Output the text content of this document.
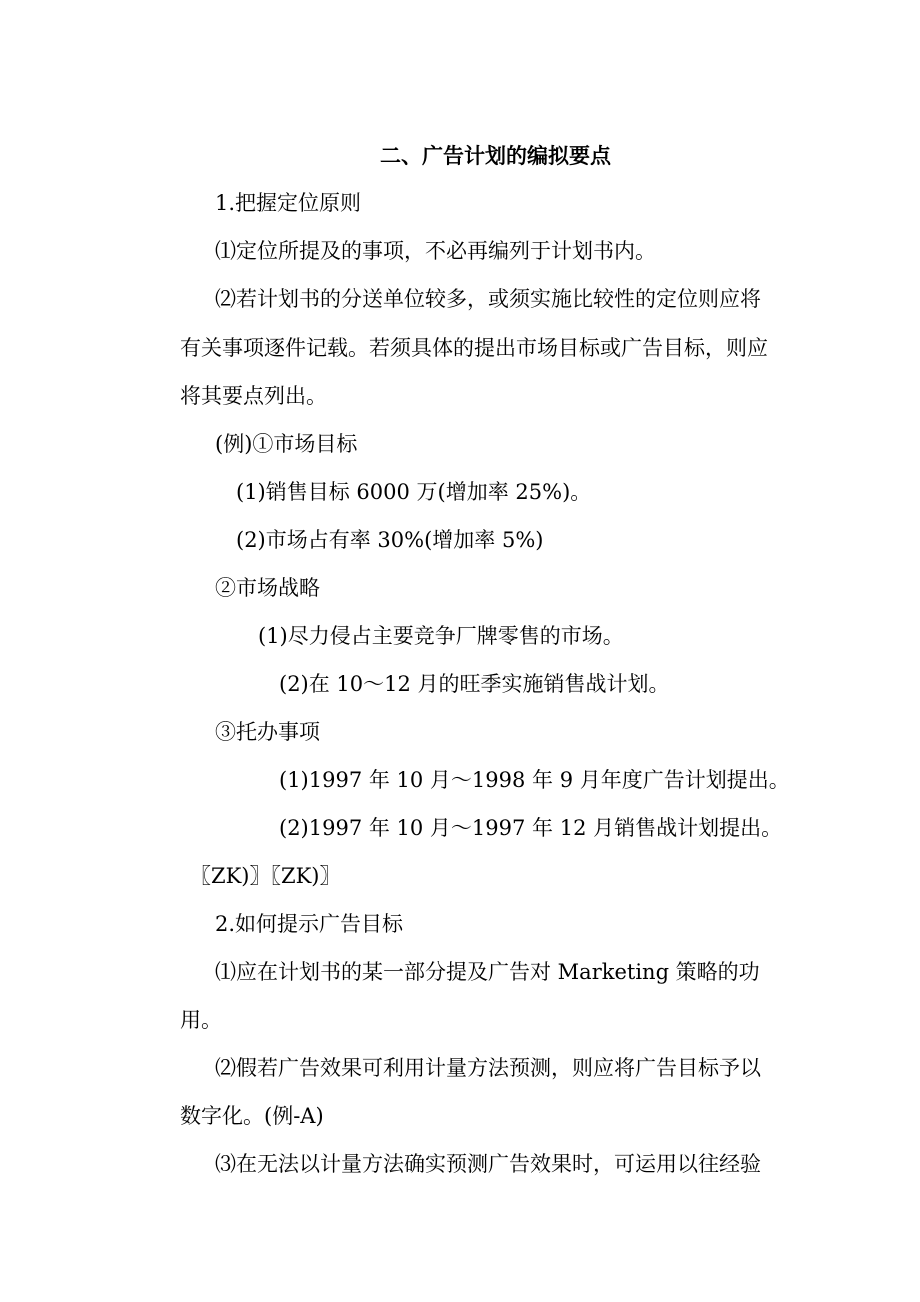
二、广告计划的编拟要点
1.把握定位原则
⑴定位所提及的事项，不必再编列于计划书内。
⑵若计划书的分送单位较多，或须实施比较性的定位则应将
有关事项逐件记载。若须具体的提出市场目标或广告目标，则应
将其要点列出。
(例)①市场目标
(1)销售目标 6000 万(增加率 25%)。
(2)市场占有率 30%(增加率 5%)
②市场战略
(1)尽力侵占主要竞争厂牌零售的市场。
(2)在 10～12 月的旺季实施销售战计划。
③托办事项
(1)1997 年 10 月～1998 年 9 月年度广告计划提出。
(2)1997 年 10 月～1997 年 12 月销售战计划提出。
〖ZK)〗〖ZK)〗
2.如何提示广告目标
⑴应在计划书的某一部分提及广告对 Marketing 策略的功
用。
⑵假若广告效果可利用计量方法预测，则应将广告目标予以
数字化。(例-A)
⑶在无法以计量方法确实预测广告效果时，可运用以往经验
